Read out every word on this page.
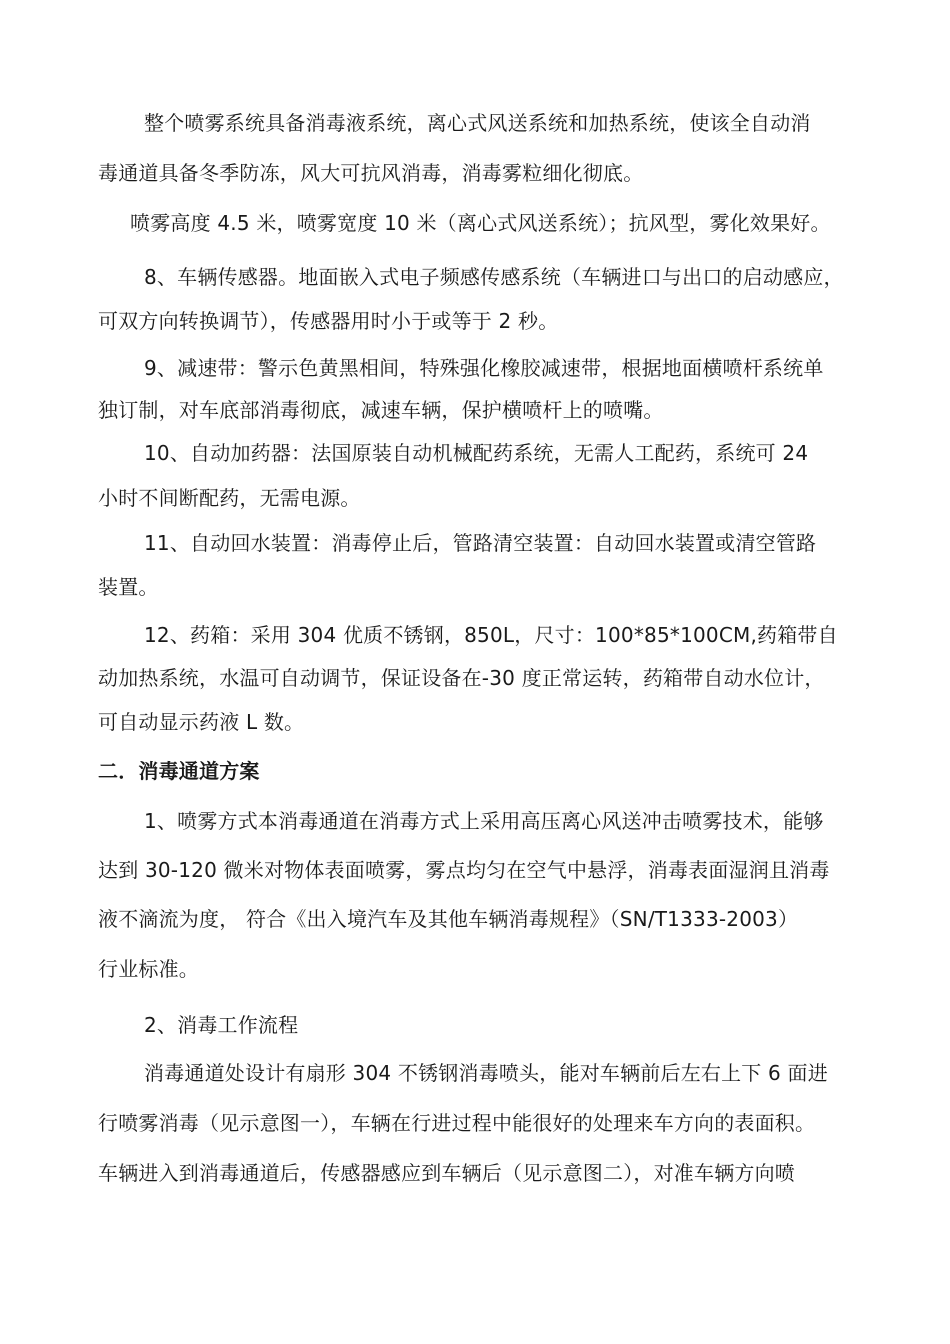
整个喷雾系统具备消毒液系统，离心式风送系统和加热系统，使该全自动消
毒通道具备冬季防冻，风大可抗风消毒，消毒雾粒细化彻底。
喷雾高度 4.5 米，喷雾宽度 10 米（离心式风送系统）；抗风型，雾化效果好。
8、车辆传感器。地面嵌入式电子频感传感系统（车辆进口与出口的启动感应，
可双方向转换调节），传感器用时小于或等于 2 秒。
9、减速带：警示色黄黑相间，特殊强化橡胶减速带，根据地面横喷杆系统单
独订制，对车底部消毒彻底，减速车辆，保护横喷杆上的喷嘴。
10、自动加药器：法国原装自动机械配药系统，无需人工配药，系统可 24
小时不间断配药，无需电源。
11、自动回水装置：消毒停止后，管路清空装置：自动回水装置或清空管路
装置。
12、药箱：采用 304 优质不锈钢，850L，尺寸：100*85*100CM,药箱带自
动加热系统，水温可自动调节，保证设备在-30 度正常运转，药箱带自动水位计，
可自动显示药液 L 数。
二．消毒通道方案
1、喷雾方式本消毒通道在消毒方式上采用高压离心风送冲击喷雾技术，能够
达到 30-120 微米对物体表面喷雾，雾点均匀在空气中悬浮，消毒表面湿润且消毒
液不滴流为度， 符合《出入境汽车及其他车辆消毒规程》（SN/T1333-2003）
行业标准。
2、消毒工作流程
消毒通道处设计有扇形 304 不锈钢消毒喷头，能对车辆前后左右上下 6 面进
行喷雾消毒（见示意图一），车辆在行进过程中能很好的处理来车方向的表面积。
车辆进入到消毒通道后，传感器感应到车辆后（见示意图二），对准车辆方向喷
